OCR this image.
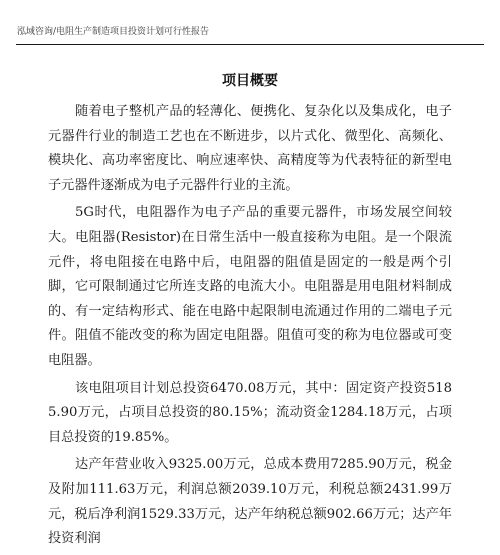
泓域咨询/电阻生产制造项目投资计划可行性报告
项目概要

随着电子整机产品的轻薄化、便携化、复杂化以及集成化，电子元器件行业的制造工艺也在不断进步，以片式化、微型化、高频化、模块化、高功率密度比、响应速率快、高精度等为代表特征的新型电子元器件逐渐成为电子元器件行业的主流。

5G时代，电阻器作为电子产品的重要元器件，市场发展空间较大。电阻器(Resistor)在日常生活中一般直接称为电阻。是一个限流元件，将电阻接在电路中后，电阻器的阻值是固定的一般是两个引脚，它可限制通过它所连支路的电流大小。电阻器是用电阻材料制成的、有一定结构形式、能在电路中起限制电流通过作用的二端电子元件。阻值不能改变的称为固定电阻器。阻值可变的称为电位器或可变电阻器。

该电阻项目计划总投资6470.08万元，其中：固定资产投资5185.90万元，占项目总投资的80.15%；流动资金1284.18万元，占项目总投资的19.85%。

达产年营业收入9325.00万元，总成本费用7285.90万元，税金及附加111.63万元，利润总额2039.10万元，利税总额2431.99万元，税后净利润1529.33万元，达产年纳税总额902.66万元；达产年投资利润
